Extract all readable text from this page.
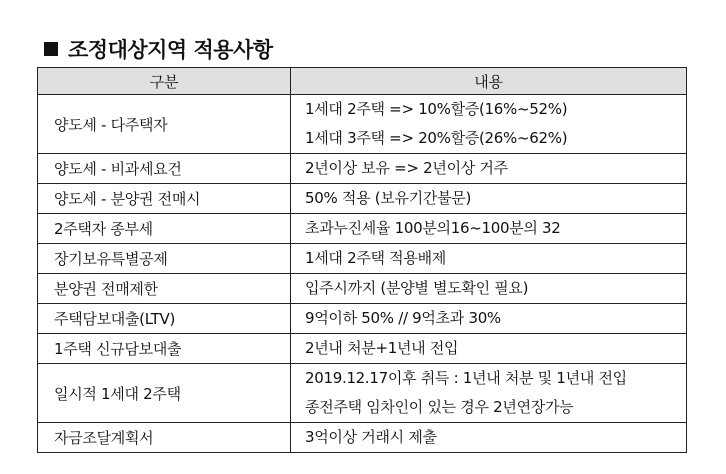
조정대상지역 적용사항
구분	내용
양도세 - 다주택자	1세대 2주택 => 10%할증(16%~52%)
1세대 3주택 => 20%할증(26%~62%)

양도세 - 비과세요건	2년이상 보유 => 2년이상 거주

양도세 - 분양권 전매시	50% 적용 (보유기간불문)

2주택자 종부세	초과누진세율 100분의16~100분의 32

장기보유특별공제	1세대 2주택 적용배제

분양권 전매제한	입주시까지 (분양별 별도확인 필요)

주택담보대출(LTV)	9억이하 50% // 9억초과 30%

1주택 신규담보대출	2년내 처분+1년내 전입

일시적 1세대 2주택	2019.12.17이후 취득 : 1년내 처분 및 1년내 전입
종전주택 임차인이 있는 경우 2년연장가능

자금조달계획서	3억이상 거래시 제출
